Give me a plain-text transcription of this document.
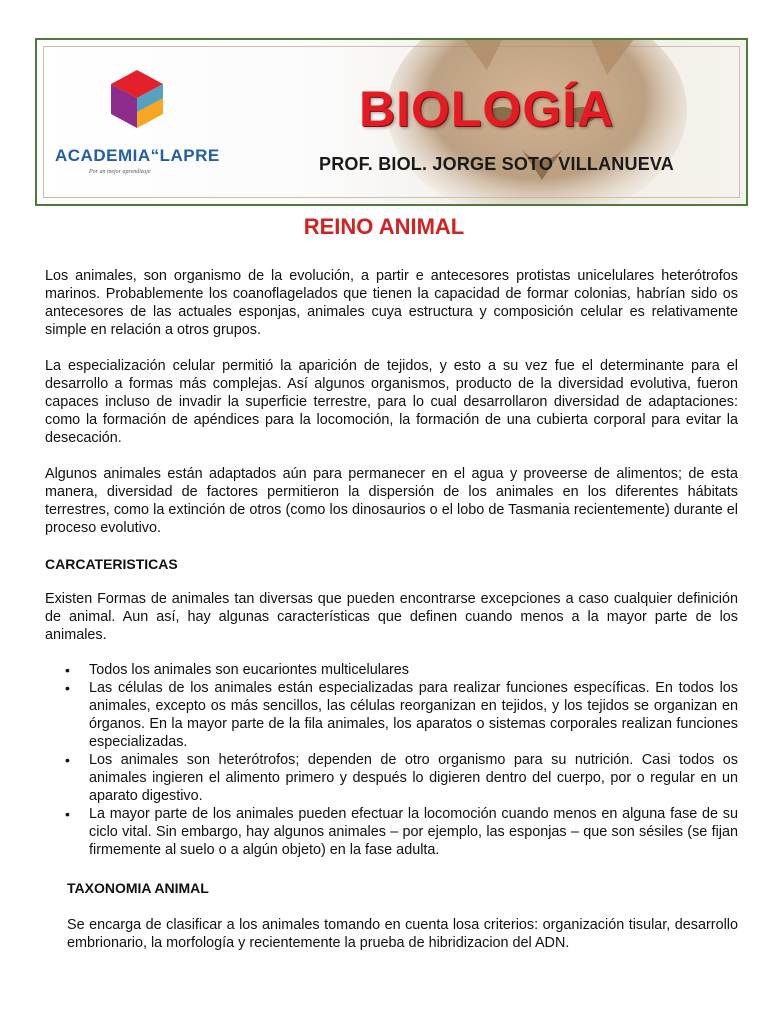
ACADEMIA“LAPRE
Por un mejor aprendizaje
BIOLOGÍA
PROF. BIOL. JORGE SOTO VILLANUEVA
REINO ANIMAL
Los animales, son organismo de la evolución, a partir e antecesores protistas unicelulares heterótrofos marinos. Probablemente los coanoflagelados que tienen la capacidad de formar colonias, habrían sido os antecesores de las actuales esponjas, animales cuya estructura y composición celular es relativamente simple en relación a otros grupos.
La especialización celular permitió la aparición de tejidos, y esto a su vez fue el determinante para el desarrollo a formas más complejas. Así algunos organismos, producto de la diversidad evolutiva, fueron capaces incluso de invadir la superficie terrestre, para lo cual desarrollaron diversidad de adaptaciones: como la formación de apéndices para la locomoción, la formación de una cubierta corporal para evitar la desecación.
Algunos animales están adaptados aún para permanecer en el agua y proveerse de alimentos; de esta manera, diversidad de factores permitieron la dispersión de los animales en los diferentes hábitats terrestres, como la extinción de otros (como los dinosaurios o el lobo de Tasmania recientemente) durante el proceso evolutivo.
CARCATERISTICAS
Existen Formas de animales tan diversas que pueden encontrarse excepciones a caso cualquier definición de animal. Aun así, hay algunas características que definen cuando menos a la mayor parte de los animales.
• Todos los animales son eucariontes multicelulares
• Las células de los animales están especializadas para realizar funciones específicas. En todos los animales, excepto os más sencillos, las células reorganizan en tejidos, y los tejidos se organizan en órganos. En la mayor parte de la fila animales, los aparatos o sistemas corporales realizan funciones especializadas.
• Los animales son heterótrofos; dependen de otro organismo para su nutrición. Casi todos os animales ingieren el alimento primero y después lo digieren dentro del cuerpo, por o regular en un aparato digestivo.
• La mayor parte de los animales pueden efectuar la locomoción cuando menos en alguna fase de su ciclo vital. Sin embargo, hay algunos animales – por ejemplo, las esponjas – que son sésiles (se fijan firmemente al suelo o a algún objeto) en la fase adulta.
TAXONOMIA ANIMAL
Se encarga de clasificar a los animales tomando en cuenta losa criterios: organización tisular, desarrollo embrionario, la morfología y recientemente la prueba de hibridizacion del ADN.
